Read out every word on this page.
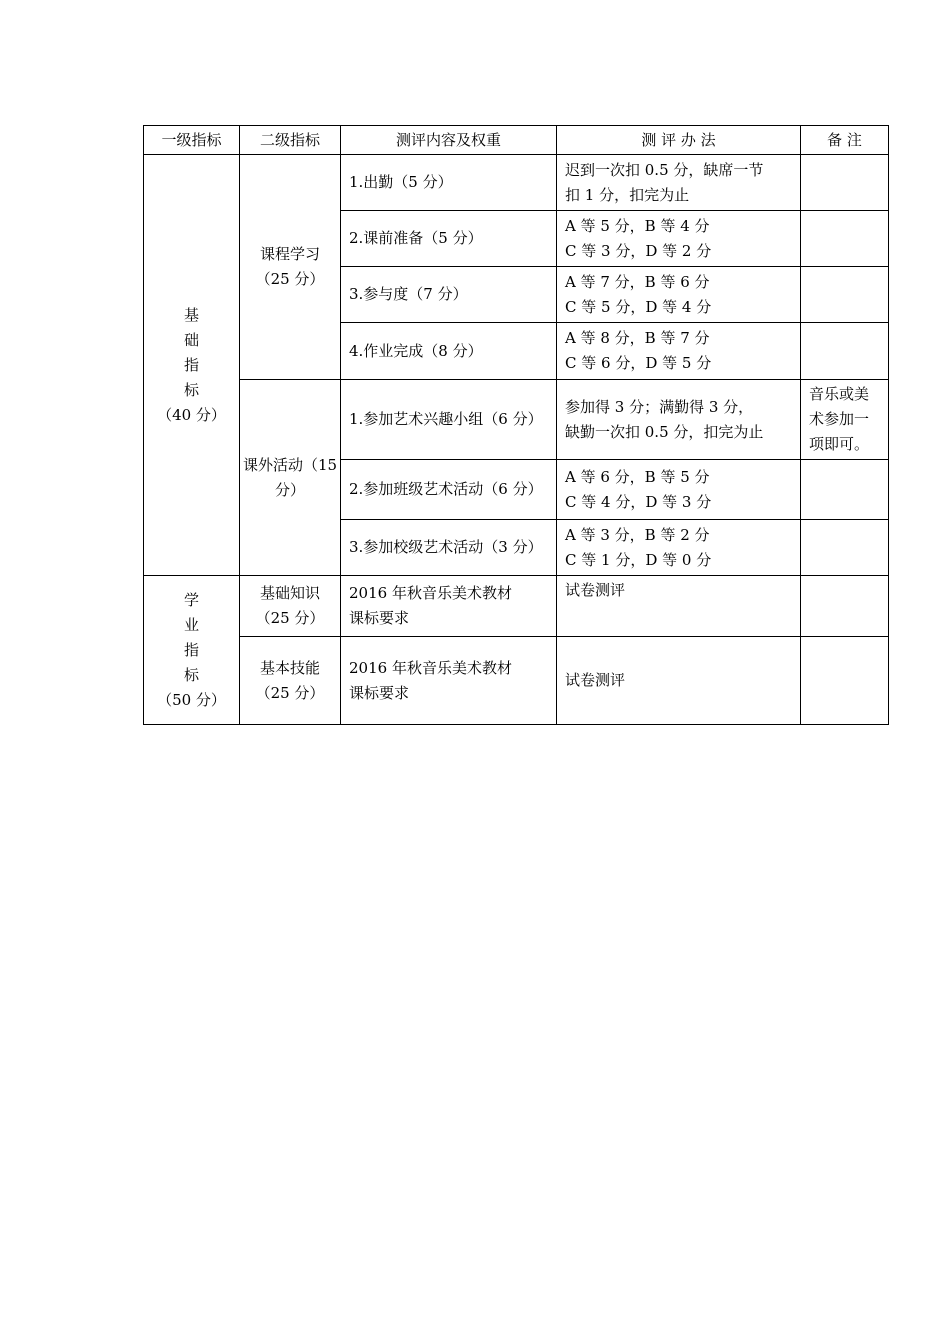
一级指标	二级指标	测评内容及权重	测 评 办 法	备 注

基
础
指
标
（40 分）	课程学习
（25 分）	1.出勤（5 分）	迟到一次扣 0.5 分，缺席一节
扣 1 分，扣完为止	

		2.课前准备（5 分）	A 等 5 分，B 等 4 分
C 等 3 分，D 等 2 分	

		3.参与度（7 分）	A 等 7 分，B 等 6 分
C 等 5 分，D 等 4 分	

		4.作业完成（8 分）	A 等 8 分，B 等 7 分
C 等 6 分，D 等 5 分	

	课外活动（15
分）	1.参加艺术兴趣小组（6 分）	参加得 3 分；满勤得 3 分，
缺勤一次扣 0.5 分，扣完为止	音乐或美
术参加一
项即可。

		2.参加班级艺术活动（6 分）	A 等 6 分，B 等 5 分
C 等 4 分，D 等 3 分	

		3.参加校级艺术活动（3 分）	A 等 3 分，B 等 2 分
C 等 1 分，D 等 0 分	

学
业
指
标
（50 分）	基础知识
（25 分）	2016 年秋音乐美术教材
课标要求	试卷测评	

	基本技能
（25 分）	2016 年秋音乐美术教材
课标要求	试卷测评	
